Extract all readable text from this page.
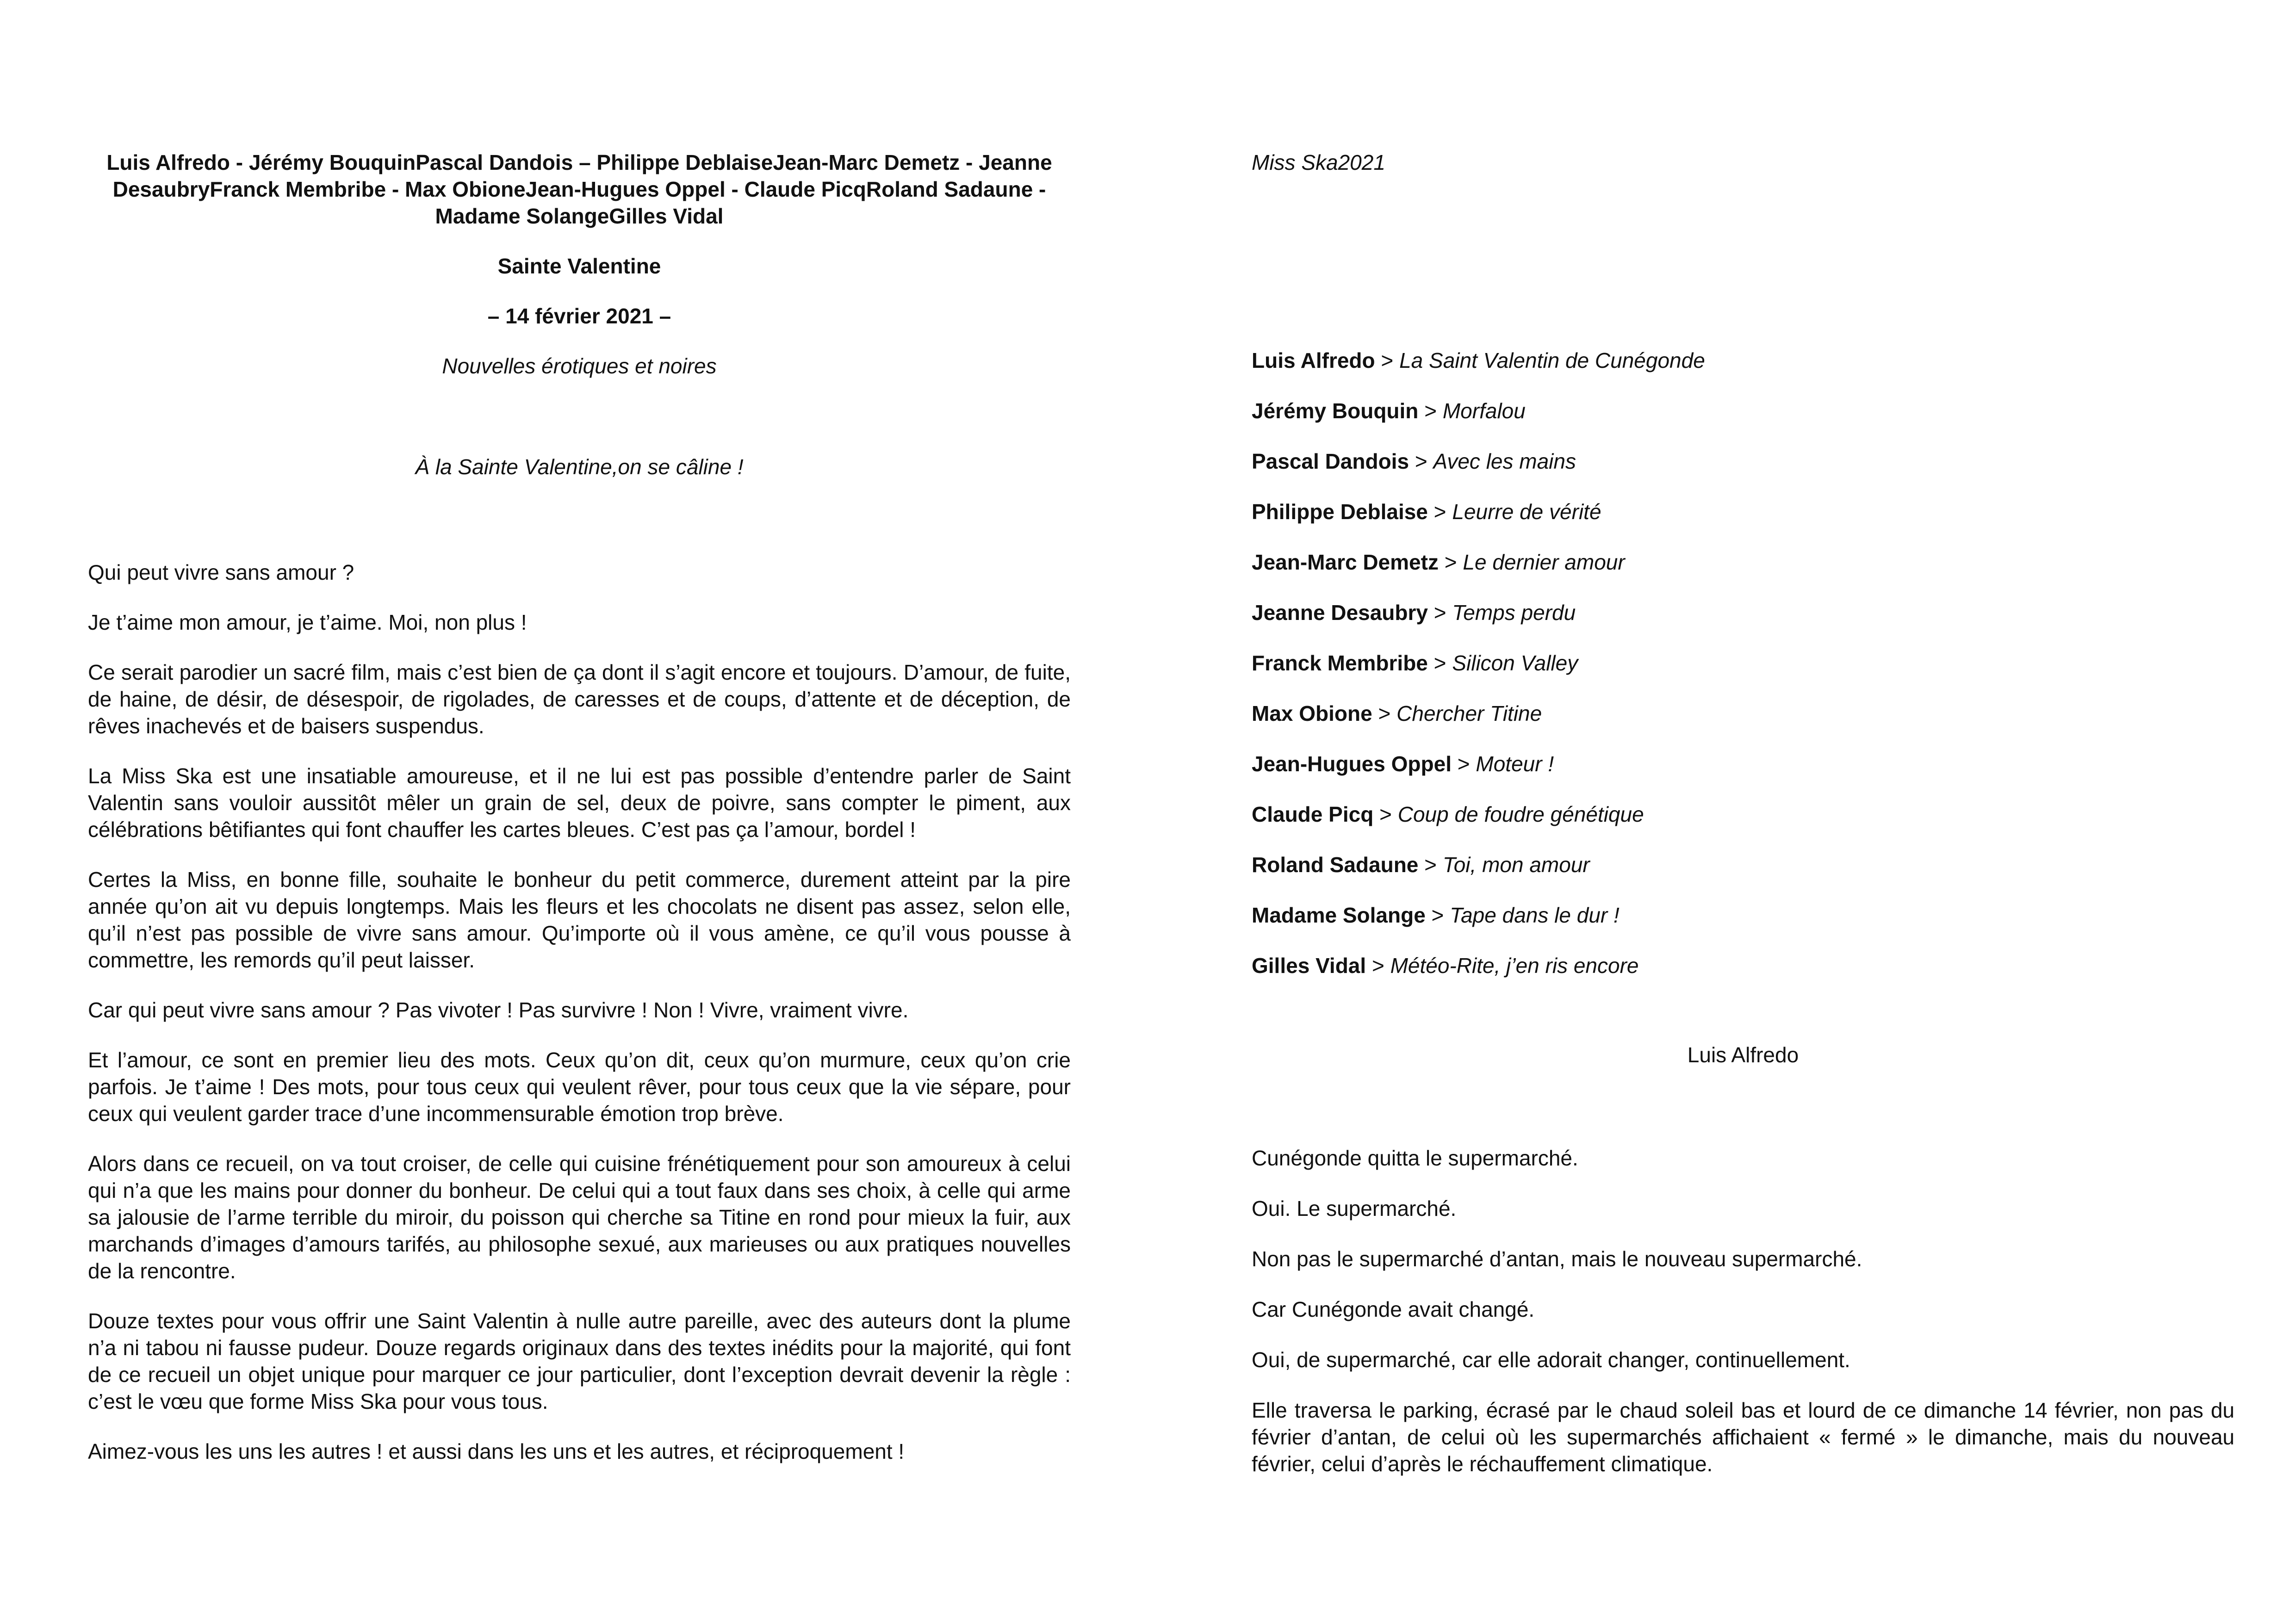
Luis Alfredo - Jérémy BouquinPascal Dandois – Philippe DeblaiseJean-Marc Demetz - Jeanne DesaubryFranck Membribe - Max ObioneJean-Hugues Oppel - Claude PicqRoland Sadaune - Madame SolangeGilles Vidal
Sainte Valentine
– 14 février 2021 –
Nouvelles érotiques et noires
À la Sainte Valentine,on se câline !

Qui peut vivre sans amour ?

Je t’aime mon amour, je t’aime. Moi, non plus !

Ce serait parodier un sacré film, mais c’est bien de ça dont il s’agit encore et toujours. D’amour, de fuite, de haine, de désir, de désespoir, de rigolades, de caresses et de coups, d’attente et de déception, de rêves inachevés et de baisers suspendus.

La Miss Ska est une insatiable amoureuse, et il ne lui est pas possible d’entendre parler de Saint Valentin sans vouloir aussitôt mêler un grain de sel, deux de poivre, sans compter le piment, aux célébrations bêtifiantes qui font chauffer les cartes bleues. C’est pas ça l’amour, bordel !

Certes la Miss, en bonne fille, souhaite le bonheur du petit commerce, durement atteint par la pire année qu’on ait vu depuis longtemps. Mais les fleurs et les chocolats ne disent pas assez, selon elle, qu’il n’est pas possible de vivre sans amour. Qu’importe où il vous amène, ce qu’il vous pousse à commettre, les remords qu’il peut laisser.

Car qui peut vivre sans amour ? Pas vivoter ! Pas survivre ! Non ! Vivre, vraiment vivre.

Et l’amour, ce sont en premier lieu des mots. Ceux qu’on dit, ceux qu’on murmure, ceux qu’on crie parfois. Je t’aime ! Des mots, pour tous ceux qui veulent rêver, pour tous ceux que la vie sépare, pour ceux qui veulent garder trace d’une incommensurable émotion trop brève.

Alors dans ce recueil, on va tout croiser, de celle qui cuisine frénétiquement pour son amoureux à celui qui n’a que les mains pour donner du bonheur. De celui qui a tout faux dans ses choix, à celle qui arme sa jalousie de l’arme terrible du miroir, du poisson qui cherche sa Titine en rond pour mieux la fuir, aux marchands d’images d’amours tarifés, au philosophe sexué, aux marieuses ou aux pratiques nouvelles de la rencontre.

Douze textes pour vous offrir une Saint Valentin à nulle autre pareille, avec des auteurs dont la plume n’a ni tabou ni fausse pudeur. Douze regards originaux dans des textes inédits pour la majorité, qui font de ce recueil un objet unique pour marquer ce jour particulier, dont l’exception devrait devenir la règle : c’est le vœu que forme Miss Ska pour vous tous.

Aimez-vous les uns les autres ! et aussi dans les uns et les autres, et réciproquement !

Miss Ska2021
Luis Alfredo > La Saint Valentin de Cunégonde
Jérémy Bouquin > Morfalou
Pascal Dandois > Avec les mains
Philippe Deblaise > Leurre de vérité
Jean-Marc Demetz > Le dernier amour
Jeanne Desaubry > Temps perdu
Franck Membribe > Silicon Valley
Max Obione > Chercher Titine
Jean-Hugues Oppel > Moteur !
Claude Picq > Coup de foudre génétique
Roland Sadaune > Toi, mon amour
Madame Solange > Tape dans le dur !
Gilles Vidal > Météo-Rite, j’en ris encore
Luis Alfredo

Cunégonde quitta le supermarché.

Oui. Le supermarché.

Non pas le supermarché d’antan, mais le nouveau supermarché.

Car Cunégonde avait changé.

Oui, de supermarché, car elle adorait changer, continuellement.

Elle traversa le parking, écrasé par le chaud soleil bas et lourd de ce dimanche 14 février, non pas du février d’antan, de celui où les supermarchés affichaient « fermé » le dimanche, mais du nouveau février, celui d’après le réchauffement climatique.
